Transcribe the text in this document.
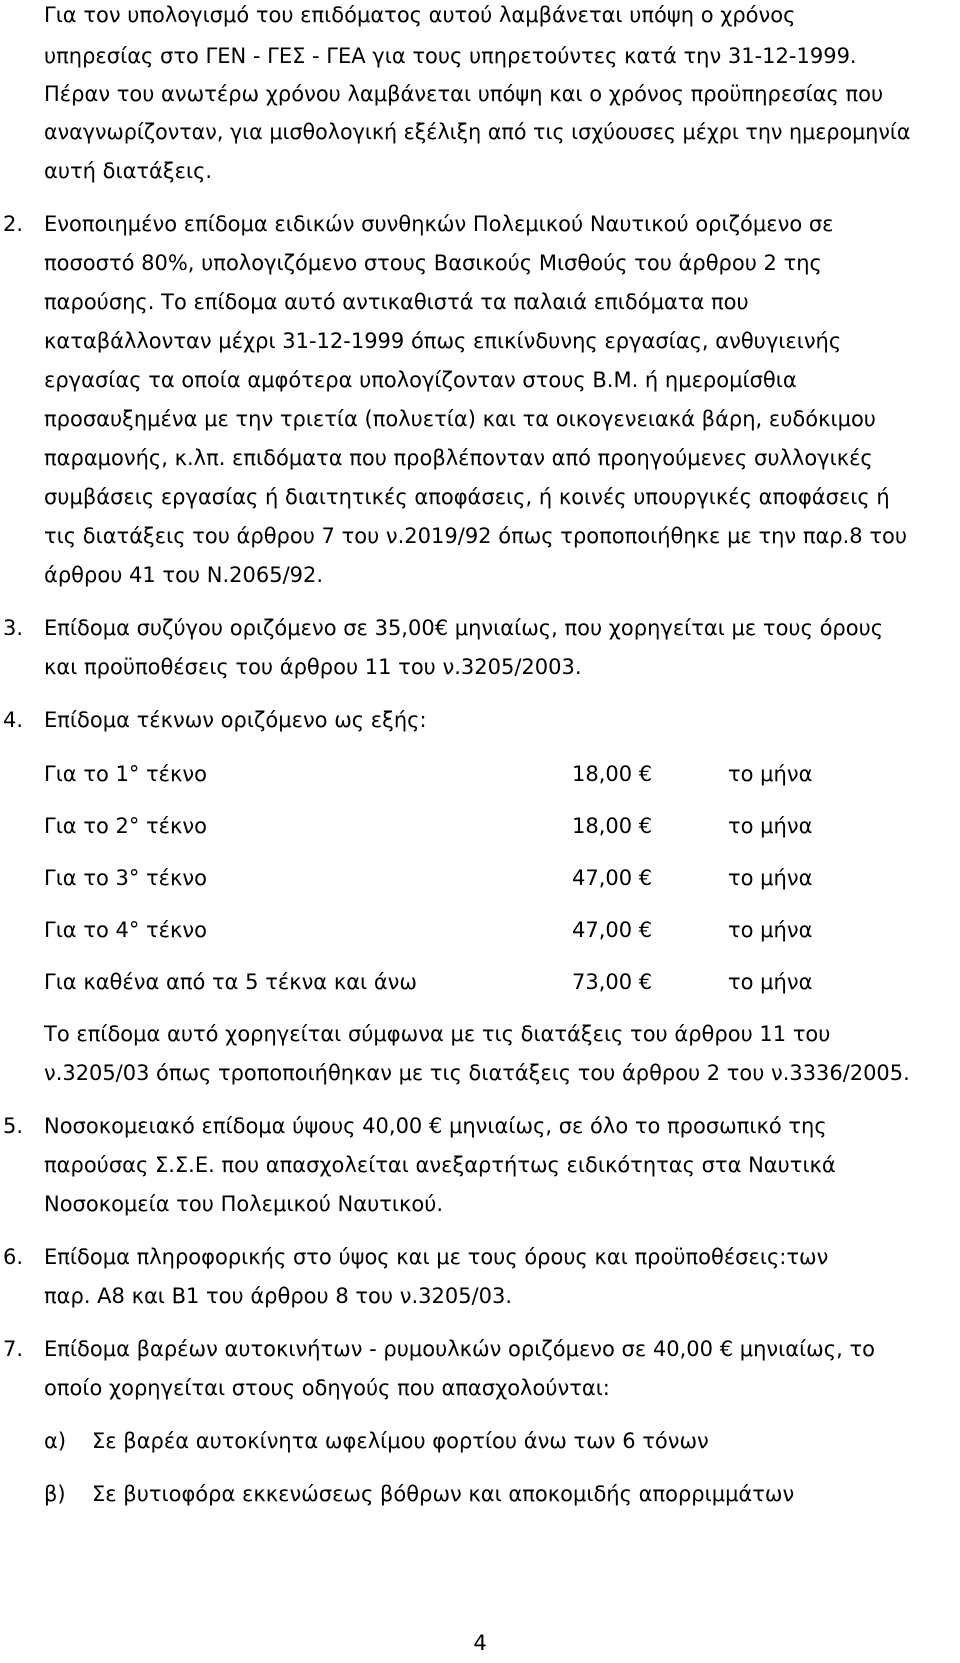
Για τον υπολογισμό του επιδόματος αυτού λαμβάνεται υπόψη ο χρόνος
υπηρεσίας στο ΓΕΝ - ΓΕΣ - ΓΕΑ για τους υπηρετούντες κατά την 31-12-1999.
Πέραν του ανωτέρω χρόνου λαμβάνεται υπόψη και ο χρόνος προϋπηρεσίας που
αναγνωρίζονταν, για μισθολογική εξέλιξη από τις ισχύουσες μέχρι την ημερομηνία
αυτή διατάξεις.
2. Ενοποιημένο επίδομα ειδικών συνθηκών Πολεμικού Ναυτικού οριζόμενο σε
ποσοστό 80%, υπολογιζόμενο στους Βασικούς Μισθούς του άρθρου 2 της
παρούσης. Το επίδομα αυτό αντικαθιστά τα παλαιά επιδόματα που
καταβάλλονταν μέχρι 31-12-1999 όπως επικίνδυνης εργασίας, ανθυγιεινής
εργασίας τα οποία αμφότερα υπολογίζονταν στους Β.Μ. ή ημερομίσθια
προσαυξημένα με την τριετία (πολυετία) και τα οικογενειακά βάρη, ευδόκιμου
παραμονής, κ.λπ. επιδόματα που προβλέπονταν από προηγούμενες συλλογικές
συμβάσεις εργασίας ή διαιτητικές αποφάσεις, ή κοινές υπουργικές αποφάσεις ή
τις διατάξεις του άρθρου 7 του ν.2019/92 όπως τροποποιήθηκε με την παρ.8 του
άρθρου 41 του Ν.2065/92.
3. Επίδομα συζύγου οριζόμενο σε 35,00€ μηνιαίως, που χορηγείται με τους όρους
και προϋποθέσεις του άρθρου 11 του ν.3205/2003.
4. Επίδομα τέκνων οριζόμενο ως εξής:
Για το 1° τέκνο	18,00 €	το μήνα
Για το 2° τέκνο	18,00 €	το μήνα
Για το 3° τέκνο	47,00 €	το μήνα
Για το 4° τέκνο	47,00 €	το μήνα
Για καθένα από τα 5 τέκνα και άνω	73,00 €	το μήνα
Το επίδομα αυτό χορηγείται σύμφωνα με τις διατάξεις του άρθρου 11 του
ν.3205/03 όπως τροποποιήθηκαν με τις διατάξεις του άρθρου 2 του ν.3336/2005.
5. Νοσοκομειακό επίδομα ύψους 40,00 € μηνιαίως, σε όλο το προσωπικό της
παρούσας Σ.Σ.Ε. που απασχολείται ανεξαρτήτως ειδικότητας στα Ναυτικά
Νοσοκομεία του Πολεμικού Ναυτικού.
6. Επίδομα πληροφορικής στο ύψος και με τους όρους και προϋποθέσεις:των
παρ. Α8 και Β1 του άρθρου 8 του ν.3205/03.
7. Επίδομα βαρέων αυτοκινήτων - ρυμουλκών οριζόμενο σε 40,00 € μηνιαίως, το
οποίο χορηγείται στους οδηγούς που απασχολούνται:
α) Σε βαρέα αυτοκίνητα ωφελίμου φορτίου άνω των 6 τόνων
β) Σε βυτιοφόρα εκκενώσεως βόθρων και αποκομιδής απορριμμάτων
4
